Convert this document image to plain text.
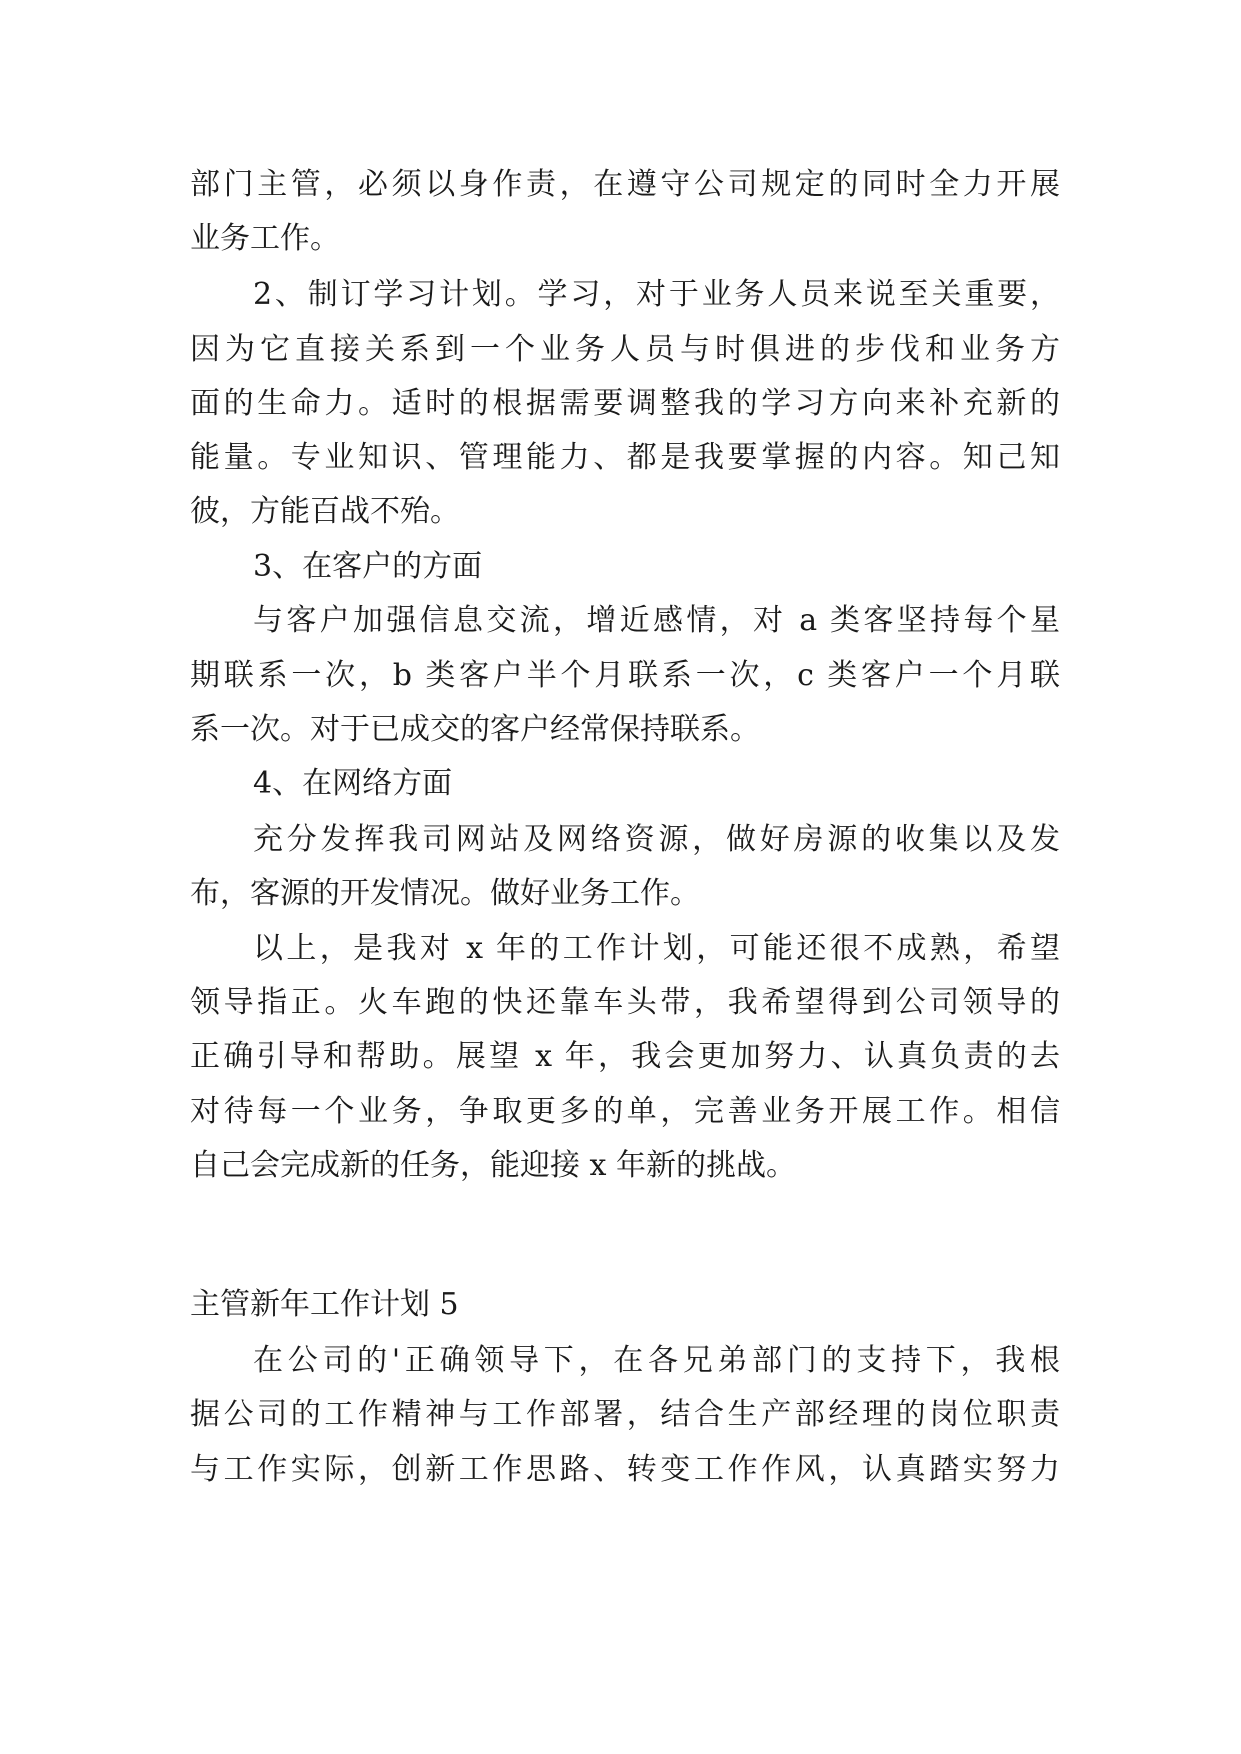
部门主管，必须以身作责，在遵守公司规定的同时全力开展

业务工作。

2、制订学习计划。学习，对于业务人员来说至关重要，

因为它直接关系到一个业务人员与时俱进的步伐和业务方

面的生命力。适时的根据需要调整我的学习方向来补充新的

能量。专业知识、管理能力、都是我要掌握的内容。知己知

彼，方能百战不殆。

3、在客户的方面

与客户加强信息交流，增近感情，对 a 类客坚持每个星

期联系一次，b 类客户半个月联系一次，c 类客户一个月联

系一次。对于已成交的客户经常保持联系。

4、在网络方面

充分发挥我司网站及网络资源，做好房源的收集以及发

布，客源的开发情况。做好业务工作。

以上，是我对 x 年的工作计划，可能还很不成熟，希望

领导指正。火车跑的快还靠车头带，我希望得到公司领导的

正确引导和帮助。展望 x 年，我会更加努力、认真负责的去

对待每一个业务，争取更多的单，完善业务开展工作。相信

自己会完成新的任务，能迎接 x 年新的挑战。

主管新年工作计划 5

在公司的'正确领导下，在各兄弟部门的支持下，我根

据公司的工作精神与工作部署，结合生产部经理的岗位职责

与工作实际，创新工作思路、转变工作作风，认真踏实努力
